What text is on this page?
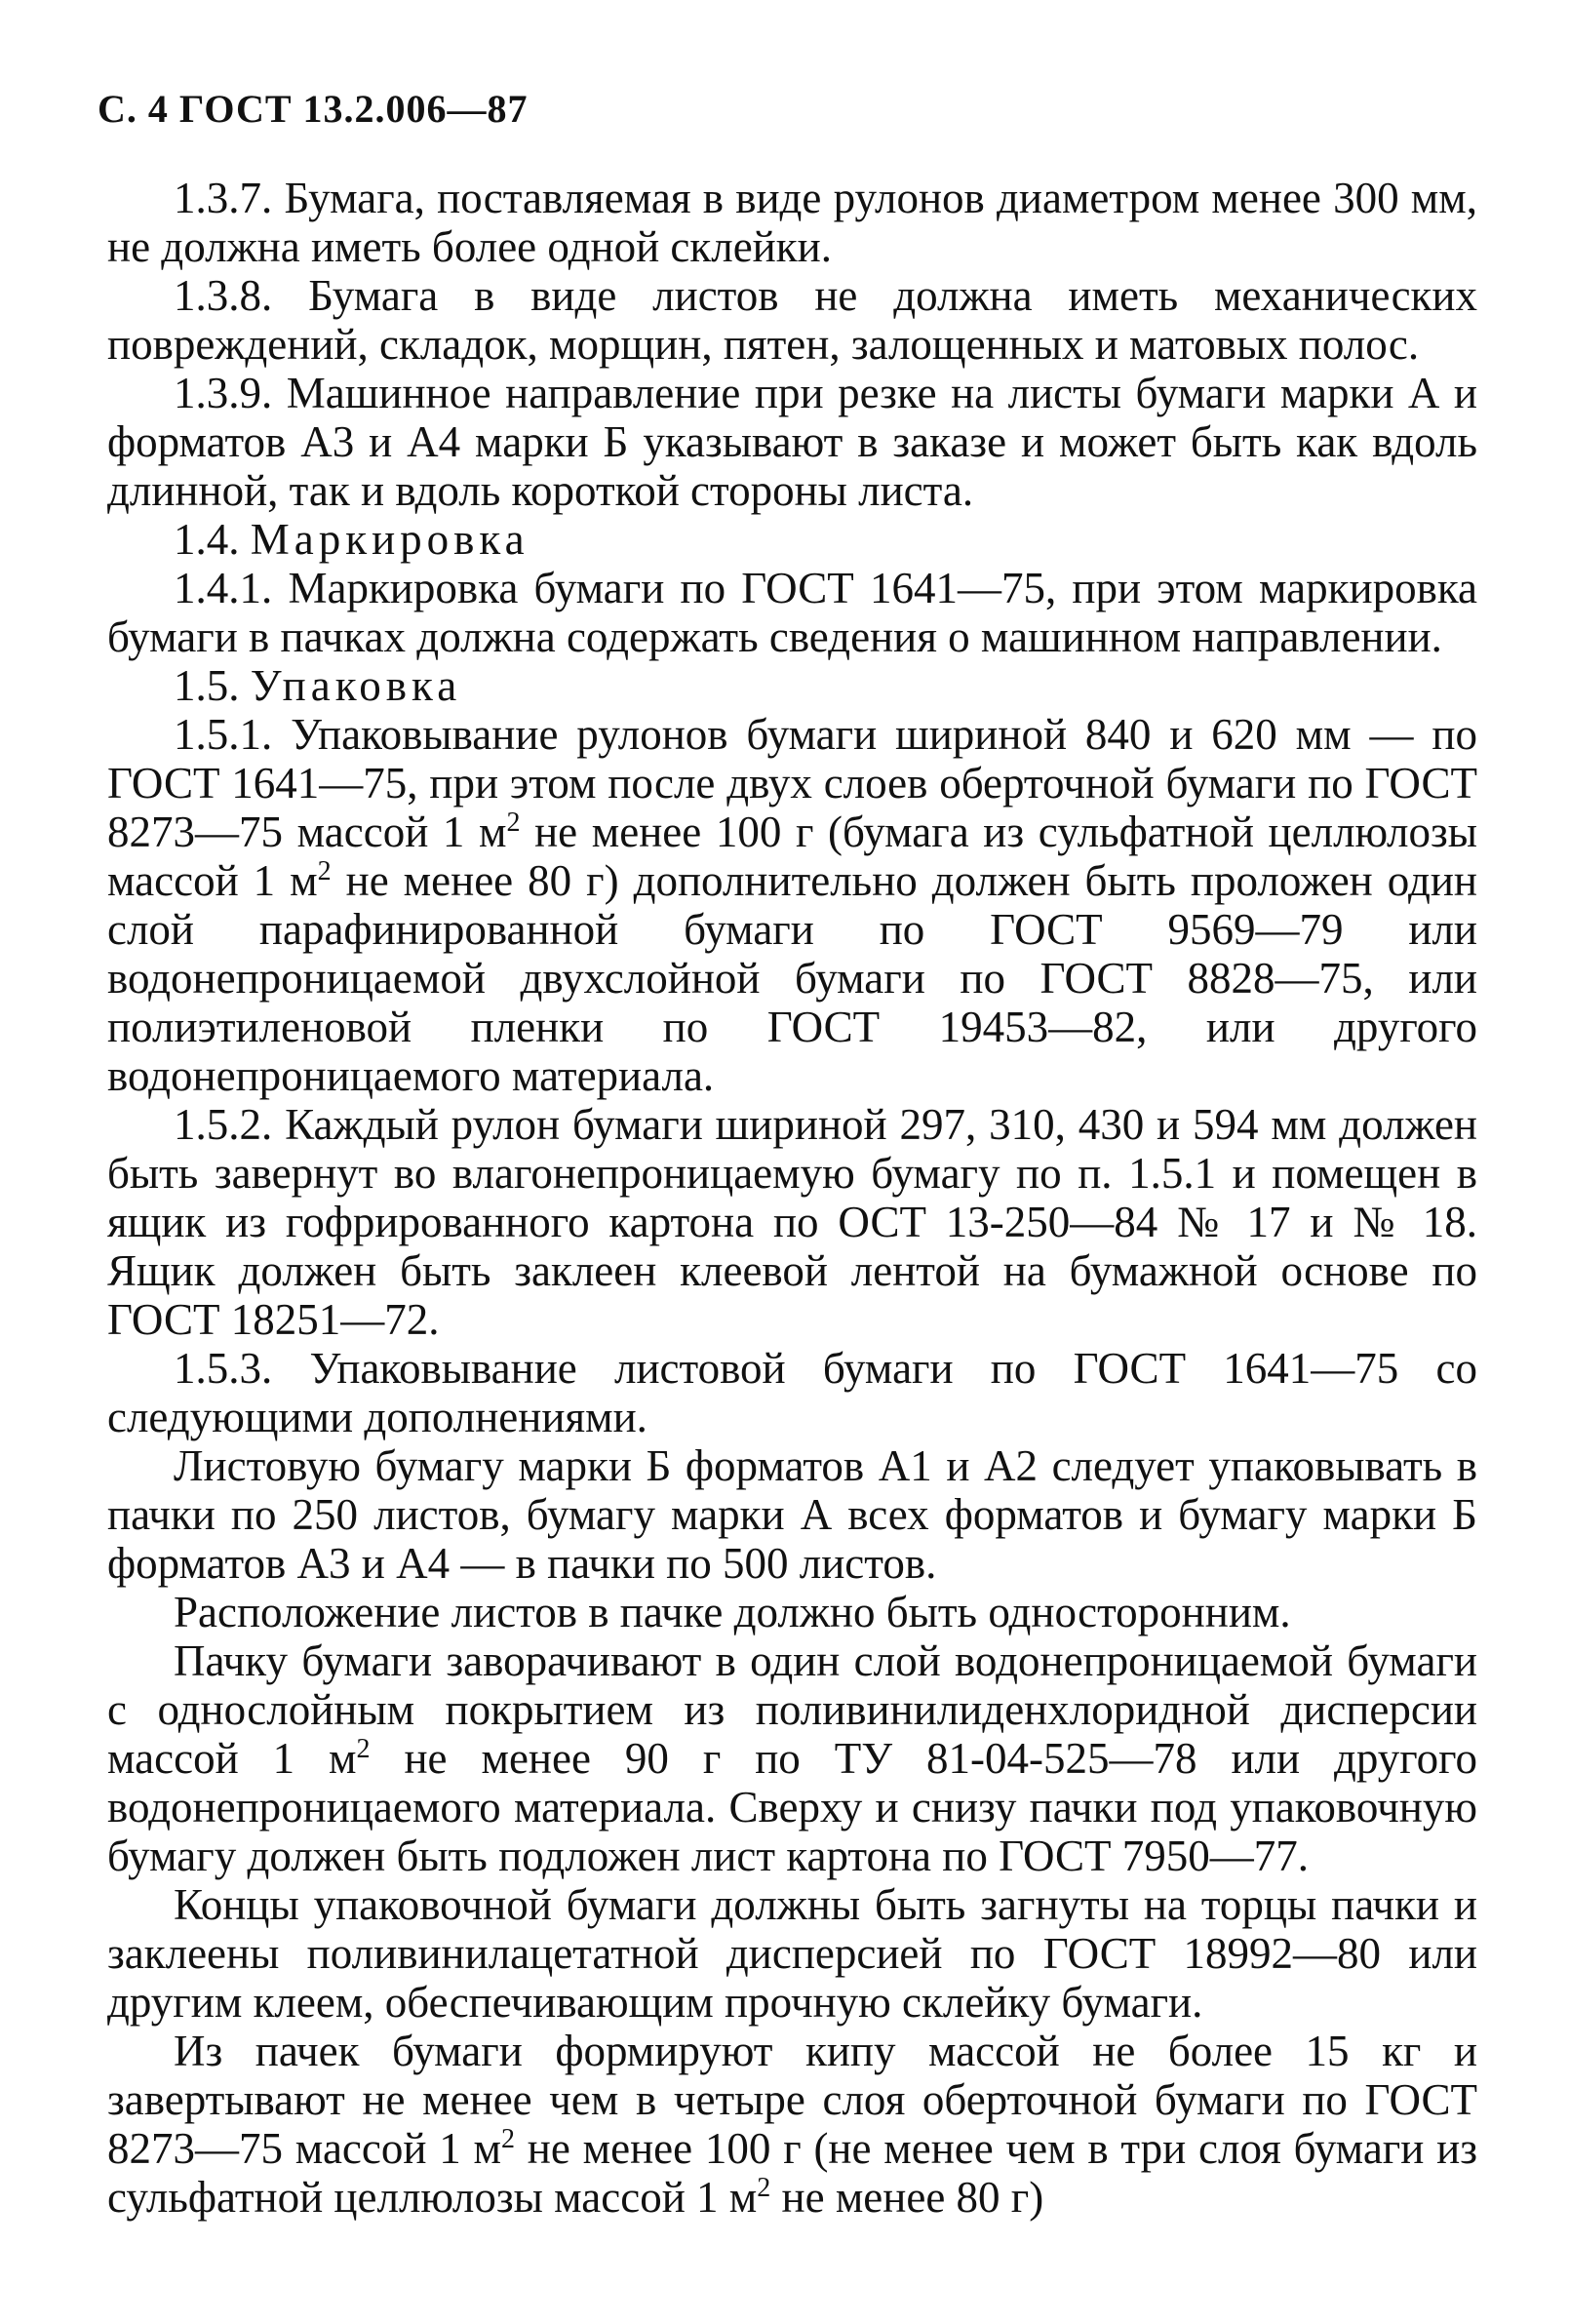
С. 4 ГОСТ 13.2.006—87

1.3.7. Бумага, поставляемая в виде рулонов диаметром менее 300 мм, не должна иметь более одной склейки.

1.3.8. Бумага в виде листов не должна иметь механических повреждений, складок, морщин, пятен, залощенных и матовых полос.

1.3.9. Машинное направление при резке на листы бумаги марки А и форматов А3 и А4 марки Б указывают в заказе и может быть как вдоль длинной, так и вдоль короткой стороны листа.

1.4. Маркировка

1.4.1. Маркировка бумаги по ГОСТ 1641—75, при этом маркировка бумаги в пачках должна содержать сведения о машинном направлении.

1.5. Упаковка

1.5.1. Упаковывание рулонов бумаги шириной 840 и 620 мм — по ГОСТ 1641—75, при этом после двух слоев оберточной бумаги по ГОСТ 8273—75 массой 1 $м^2$ не менее 100 г (бумага из сульфатной целлюлозы массой 1 $м^2$ не менее 80 г) дополнительно должен быть проложен один слой парафинированной бумаги по ГОСТ 9569—79 или водонепроницаемой двухслойной бумаги по ГОСТ 8828—75, или полиэтиленовой пленки по ГОСТ 19453—82, или другого водонепроницаемого материала.

1.5.2. Каждый рулон бумаги шириной 297, 310, 430 и 594 мм должен быть завернут во влагонепроницаемую бумагу по п. 1.5.1 и помещен в ящик из гофрированного картона по ОСТ 13-250—84 № 17 и № 18. Ящик должен быть заклеен клеевой лентой на бумажной основе по ГОСТ 18251—72.

1.5.3. Упаковывание листовой бумаги по ГОСТ 1641—75 со следующими дополнениями.

Листовую бумагу марки Б форматов А1 и А2 следует упаковывать в пачки по 250 листов, бумагу марки А всех форматов и бумагу марки Б форматов А3 и А4 — в пачки по 500 листов.

Расположение листов в пачке должно быть односторонним.

Пачку бумаги заворачивают в один слой водонепроницаемой бумаги с однослойным покрытием из поливинилиденхлоридной дисперсии массой 1 $м^2$ не менее 90 г по ТУ 81-04-525—78 или другого водонепроницаемого материала. Сверху и снизу пачки под упаковочную бумагу должен быть подложен лист картона по ГОСТ 7950—77.

Концы упаковочной бумаги должны быть загнуты на торцы пачки и заклеены поливинилацетатной дисперсией по ГОСТ 18992—80 или другим клеем, обеспечивающим прочную склейку бумаги.

Из пачек бумаги формируют кипу массой не более 15 кг и завертывают не менее чем в четыре слоя оберточной бумаги по ГОСТ 8273—75 массой 1 $м^2$ не менее 100 г (не менее чем в три слоя бумаги из сульфатной целлюлозы массой 1 $м^2$ не менее 80 г)
